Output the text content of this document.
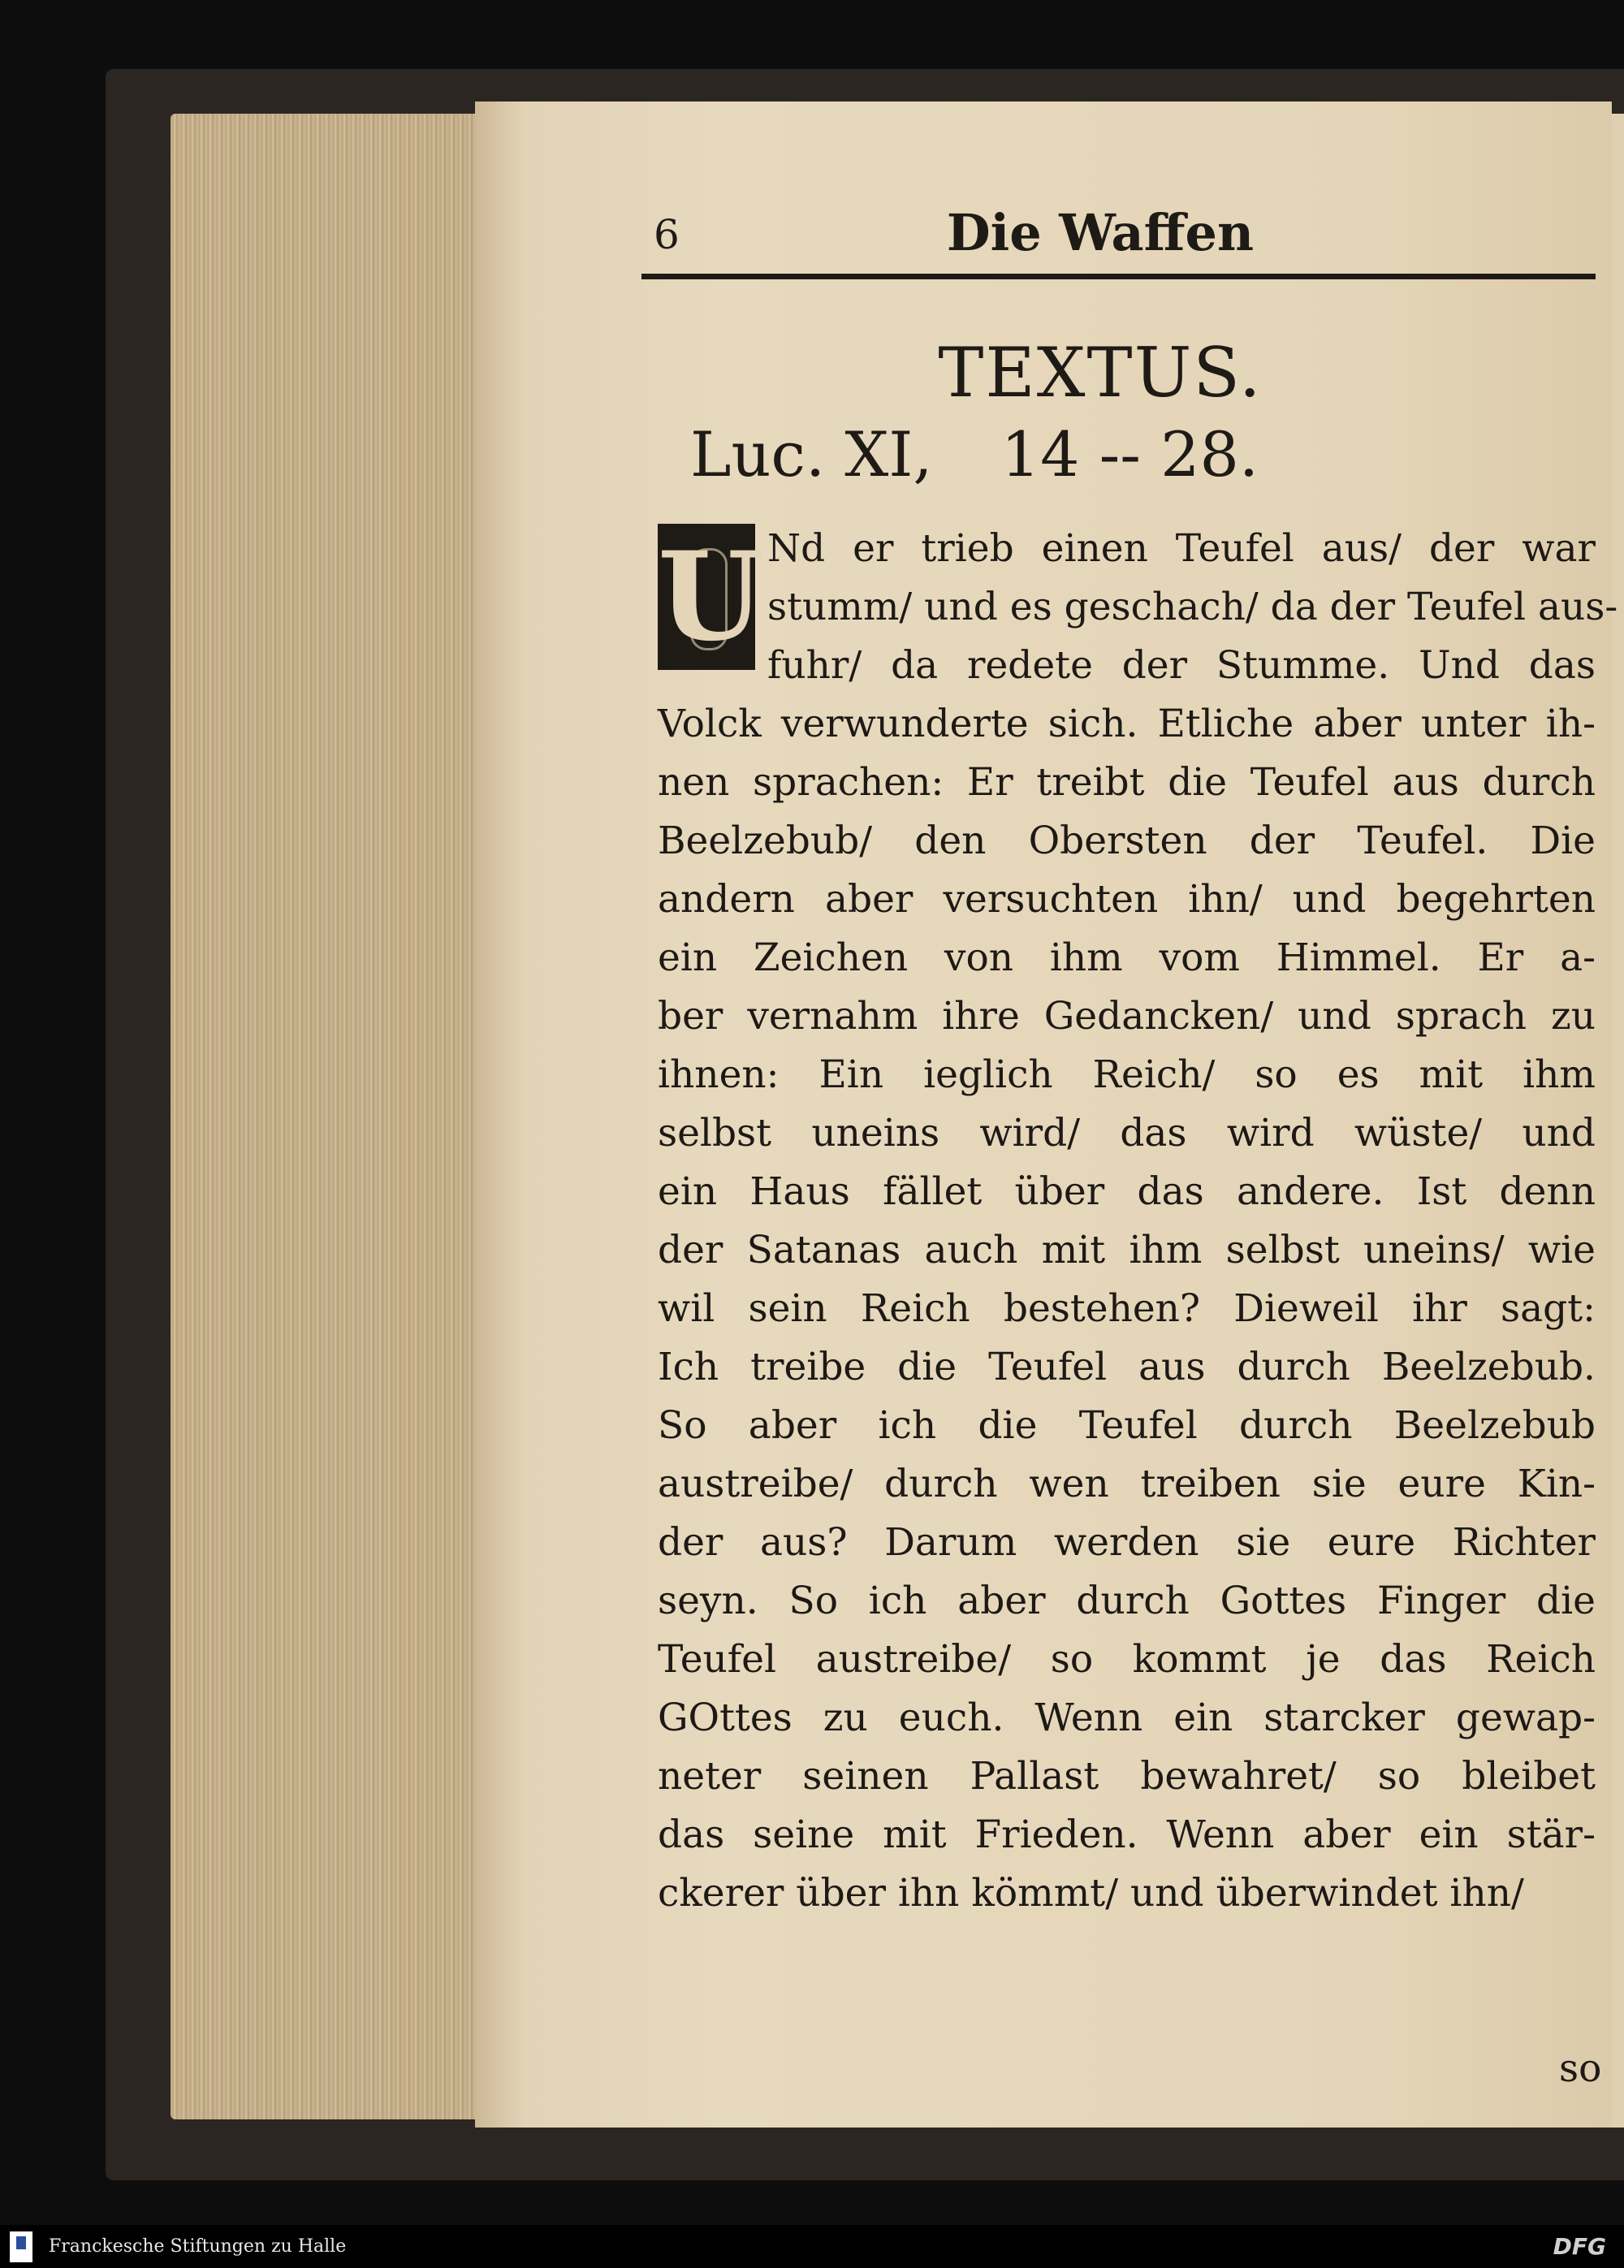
6	Die Waffen
TEXTUS.
Luc. XI, 14 -- 28.
U Nd er trieb einen Teufel aus/ der war
stumm/ und es geschach/ da der Teufel aus-
fuhr/ da redete der Stumme. Und das
Volck verwunderte sich. Etliche aber unter ih-
nen sprachen: Er treibt die Teufel aus durch
Beelzebub/ den Obersten der Teufel. Die
andern aber versuchten ihn/ und begehrten
ein Zeichen von ihm vom Himmel. Er a-
ber vernahm ihre Gedancken/ und sprach zu
ihnen: Ein ieglich Reich/ so es mit ihm
selbst uneins wird/ das wird wüste/ und
ein Haus fället über das andere. Ist denn
der Satanas auch mit ihm selbst uneins/ wie
wil sein Reich bestehen? Dieweil ihr sagt:
Ich treibe die Teufel aus durch Beelzebub.
So aber ich die Teufel durch Beelzebub
austreibe/ durch wen treiben sie eure Kin-
der aus? Darum werden sie eure Richter
seyn. So ich aber durch Gottes Finger die
Teufel austreibe/ so kommt je das Reich
GOttes zu euch. Wenn ein starcker gewap-
neter seinen Pallast bewahret/ so bleibet
das seine mit Frieden. Wenn aber ein stär-
ckerer über ihn kömmt/ und überwindet ihn/
so
Franckesche Stiftungen zu Halle	DFG
